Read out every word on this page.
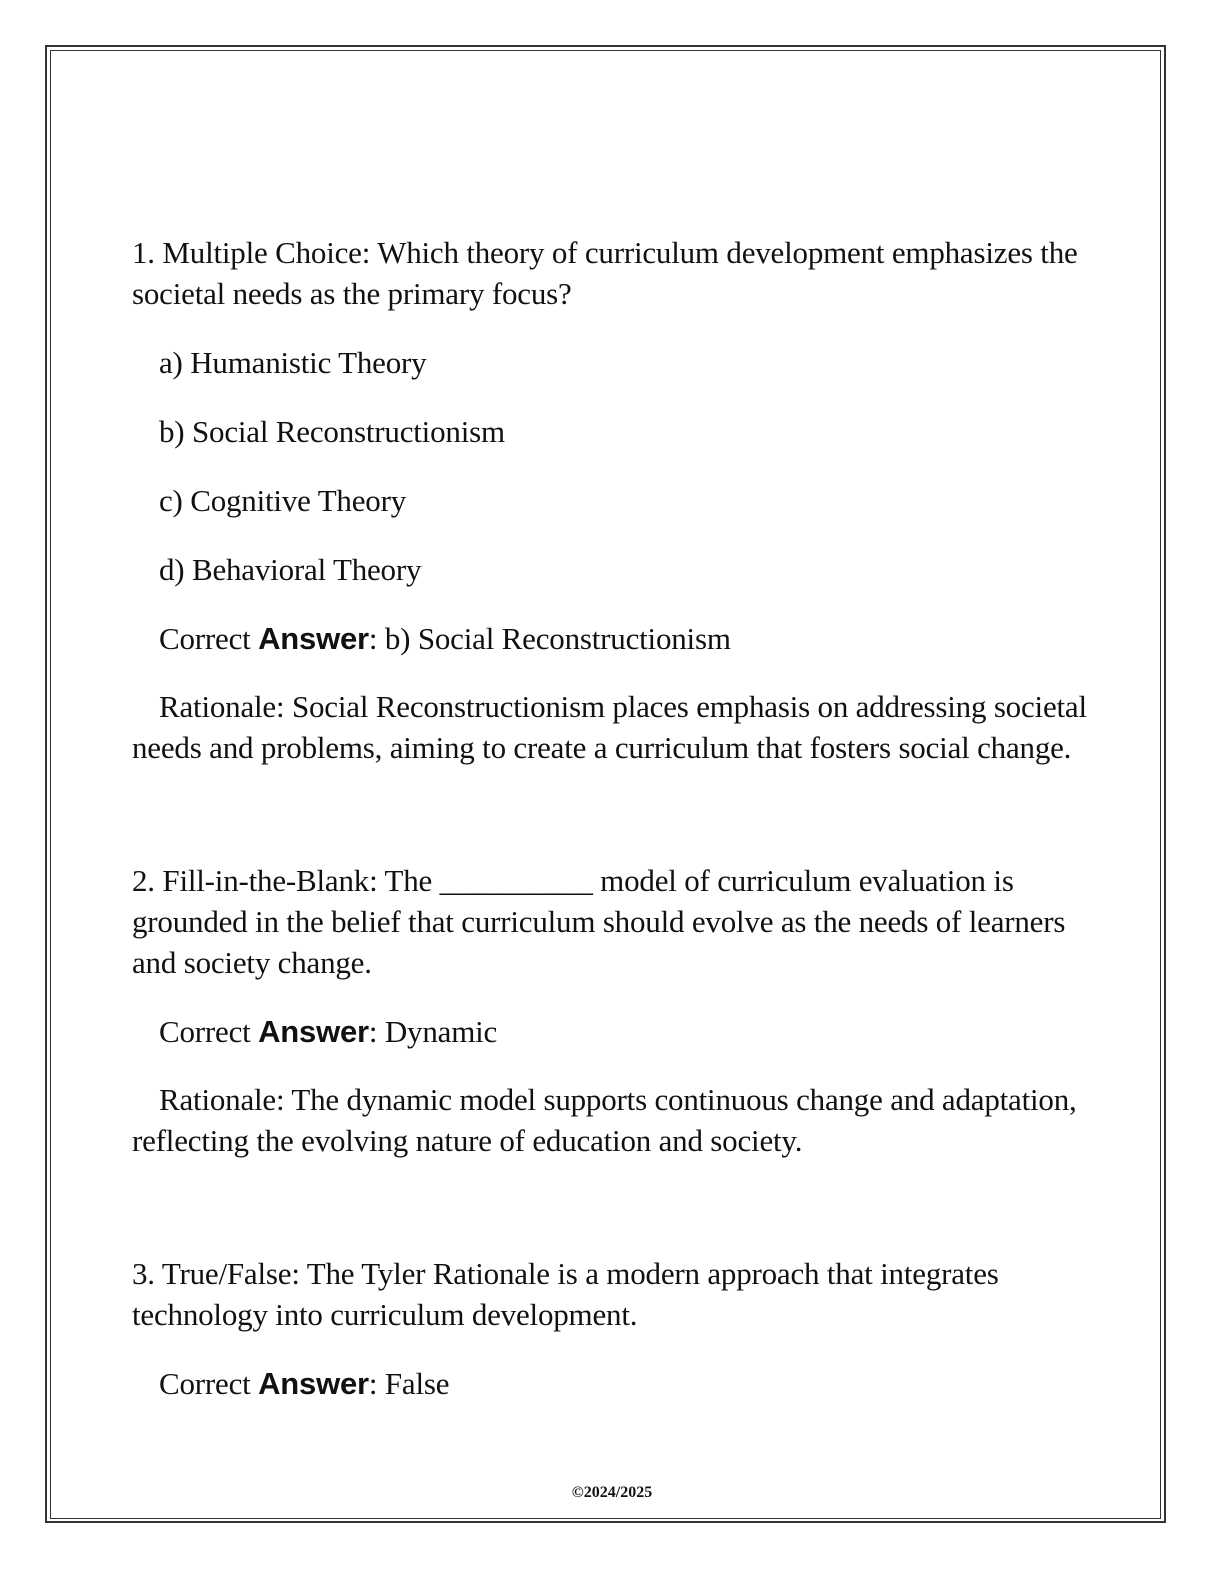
1. Multiple Choice: Which theory of curriculum development emphasizes the societal needs as the primary focus?

a) Humanistic Theory

b) Social Reconstructionism

c) Cognitive Theory

d) Behavioral Theory

Correct Answer: b) Social Reconstructionism

Rationale: Social Reconstructionism places emphasis on addressing societal needs and problems, aiming to create a curriculum that fosters social change.

2. Fill-in-the-Blank: The __________ model of curriculum evaluation is grounded in the belief that curriculum should evolve as the needs of learners and society change.

Correct Answer: Dynamic

Rationale: The dynamic model supports continuous change and adaptation, reflecting the evolving nature of education and society.

3. True/False: The Tyler Rationale is a modern approach that integrates technology into curriculum development.

Correct Answer: False

©2024/2025
